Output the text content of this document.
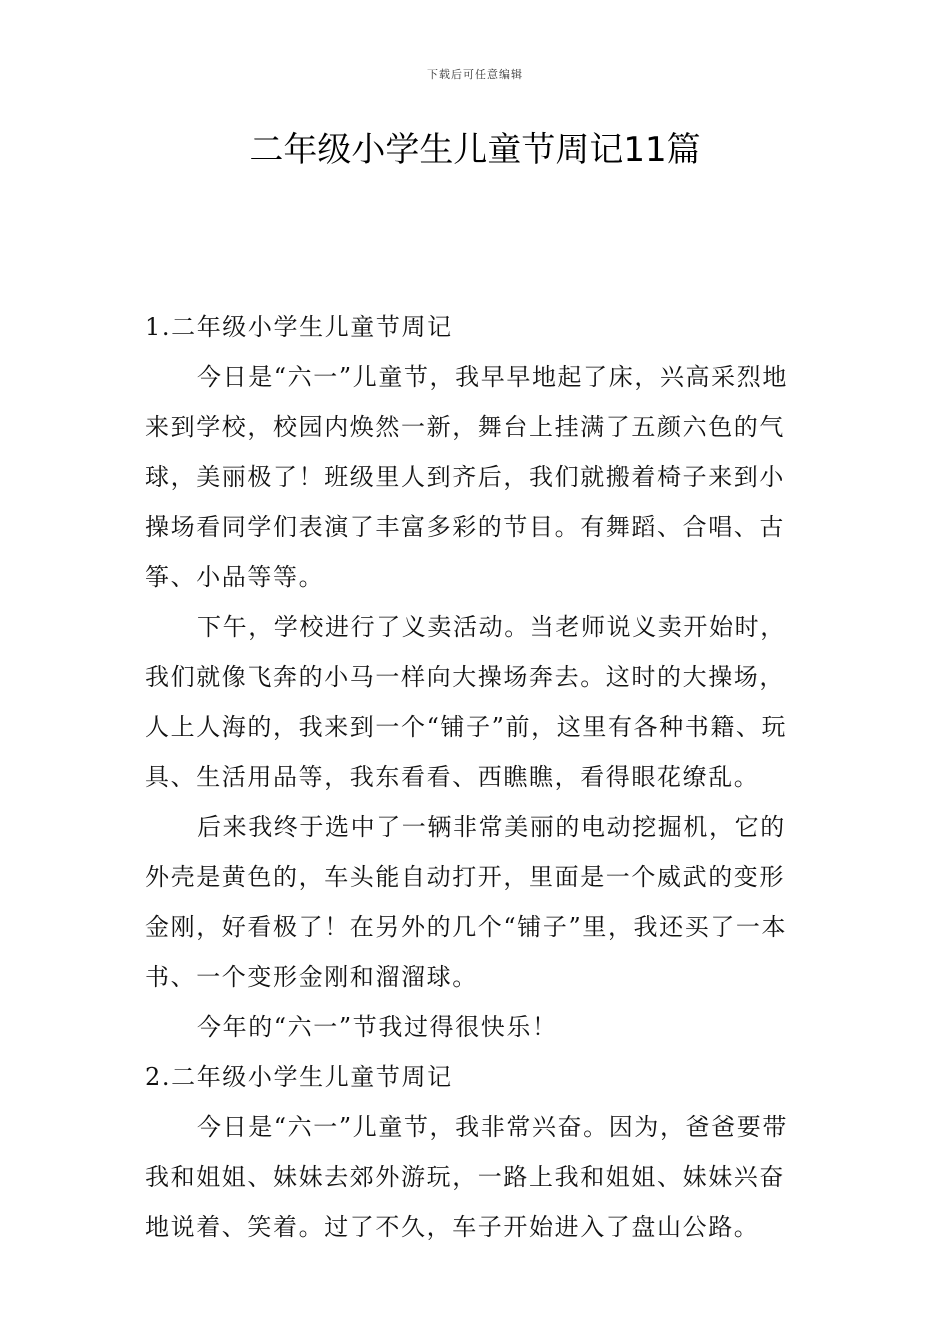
下载后可任意编辑
二年级小学生儿童节周记11篇

1.二年级小学生儿童节周记

今日是“六一”儿童节，我早早地起了床，兴高采烈地来到学校，校园内焕然一新，舞台上挂满了五颜六色的气球，美丽极了！班级里人到齐后，我们就搬着椅子来到小操场看同学们表演了丰富多彩的节目。有舞蹈、合唱、古筝、小品等等。

下午，学校进行了义卖活动。当老师说义卖开始时，我们就像飞奔的小马一样向大操场奔去。这时的大操场，人上人海的，我来到一个“铺子”前，这里有各种书籍、玩具、生活用品等，我东看看、西瞧瞧，看得眼花缭乱。

后来我终于选中了一辆非常美丽的电动挖掘机，它的外壳是黄色的，车头能自动打开，里面是一个威武的变形金刚，好看极了！在另外的几个“铺子”里，我还买了一本书、一个变形金刚和溜溜球。

今年的“六一”节我过得很快乐！

2.二年级小学生儿童节周记

今日是“六一”儿童节，我非常兴奋。因为，爸爸要带我和姐姐、妹妹去郊外游玩，一路上我和姐姐、妹妹兴奋地说着、笑着。过了不久，车子开始进入了盘山公路。
